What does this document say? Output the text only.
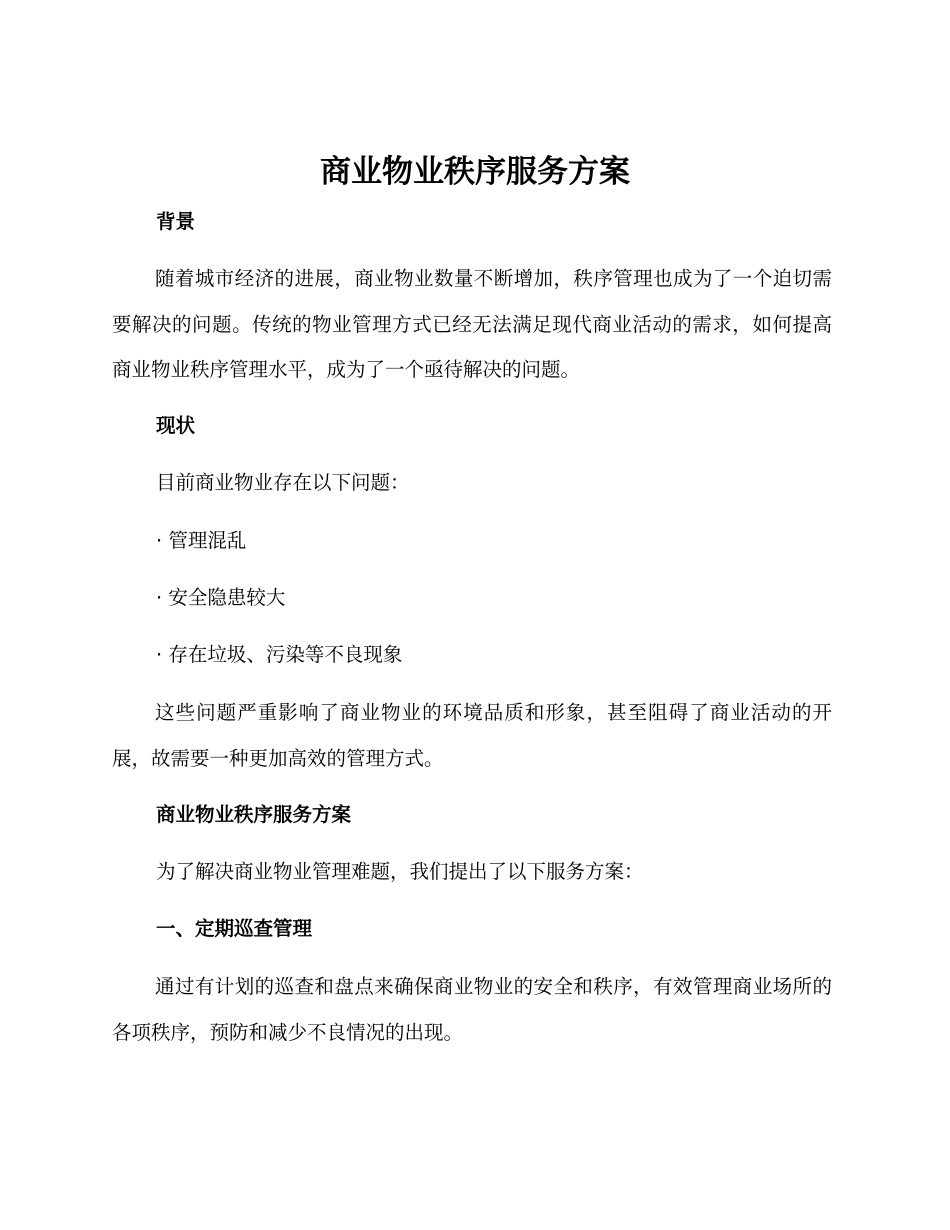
商业物业秩序服务方案
背景

随着城市经济的进展，商业物业数量不断增加，秩序管理也成为了一个迫切需要解决的问题。传统的物业管理方式已经无法满足现代商业活动的需求，如何提高商业物业秩序管理水平，成为了一个亟待解决的问题。

现状

目前商业物业存在以下问题：

· 管理混乱

· 安全隐患较大

· 存在垃圾、污染等不良现象

这些问题严重影响了商业物业的环境品质和形象，甚至阻碍了商业活动的开展，故需要一种更加高效的管理方式。

商业物业秩序服务方案

为了解决商业物业管理难题，我们提出了以下服务方案：

一、定期巡查管理

通过有计划的巡查和盘点来确保商业物业的安全和秩序，有效管理商业场所的各项秩序，预防和减少不良情况的出现。
